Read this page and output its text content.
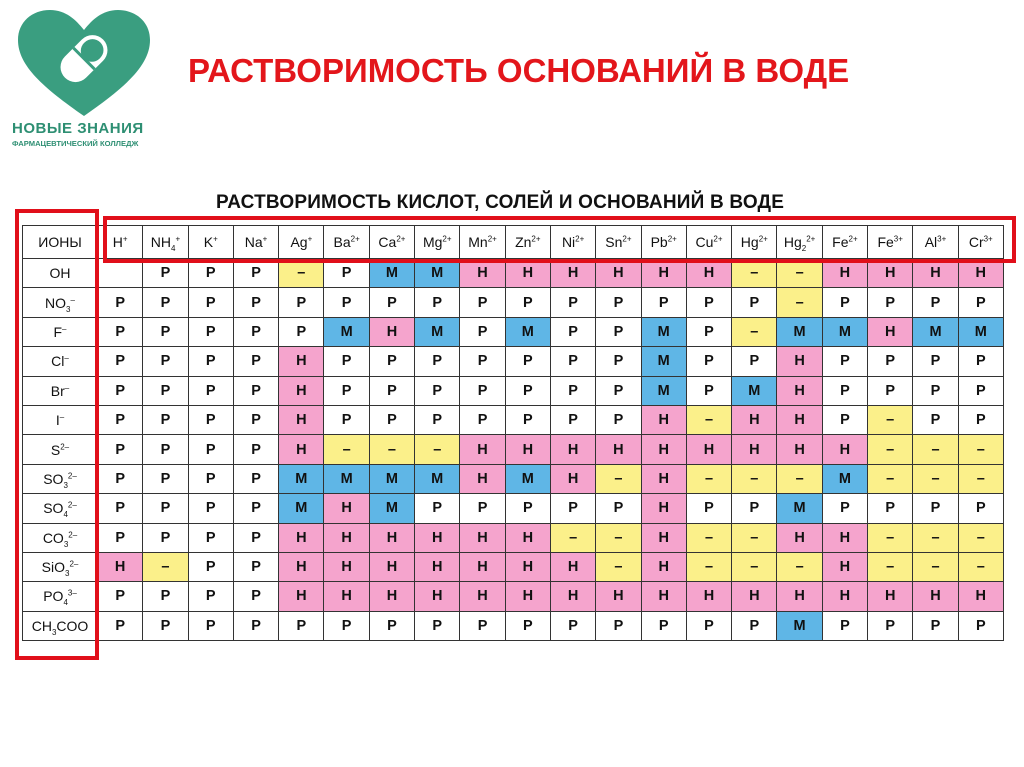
НОВЫЕ ЗНАНИЯ
ФАРМАЦЕВТИЧЕСКИЙ КОЛЛЕДЖ
РАСТВОРИМОСТЬ ОСНОВАНИЙ В ВОДЕ
РАСТВОРИМОСТЬ КИСЛОТ, СОЛЕЙ И ОСНОВАНИЙ В ВОДЕ
ИОНЫ	H+	$NH_4^+$	K+	Na+	Ag+	$Ba^{2+}$	$Ca^{2+}$	$Mg^{2+}$	$Mn^{2+}$	$Zn^{2+}$	$Ni^{2+}$	$Sn^{2+}$	$Pb^{2+}$	$Cu^{2+}$	$Hg^{2+}$	$Hg_2^{2+}$	$Fe^{2+}$	$Fe^{3+}$	$Al^{3+}$	$Cr^{3+}$
OH		Р	Р	Р	–	Р	М	М	Н	Н	Н	Н	Н	Н	–	–	Н	Н	Н	Н
$NO_3^-$	Р	Р	Р	Р	Р	Р	Р	Р	Р	Р	Р	Р	Р	Р	Р	–	Р	Р	Р	Р
F–	Р	Р	Р	Р	Р	М	Н	М	Р	М	Р	Р	М	Р	–	М	М	Н	М	М
Cl–	Р	Р	Р	Р	Н	Р	Р	Р	Р	Р	Р	Р	М	Р	Р	Н	Р	Р	Р	Р
Br–	Р	Р	Р	Р	Н	Р	Р	Р	Р	Р	Р	Р	М	Р	М	Н	Р	Р	Р	Р
I–	Р	Р	Р	Р	Н	Р	Р	Р	Р	Р	Р	Р	Н	–	Н	Н	Р	–	Р	Р
$S^{2-}$	Р	Р	Р	Р	Н	–	–	–	Н	Н	Н	Н	Н	Н	Н	Н	Н	–	–	–
$SO_3^{2-}$	Р	Р	Р	Р	М	М	М	М	Н	М	Н	–	Н	–	–	–	М	–	–	–
$SO_4^{2-}$	Р	Р	Р	Р	М	Н	М	Р	Р	Р	Р	Р	Н	Р	Р	М	Р	Р	Р	Р
$CO_3^{2-}$	Р	Р	Р	Р	Н	Н	Н	Н	Н	Н	–	–	Н	–	–	Н	Н	–	–	–
SiO$_3^{2-}$	Н	–	Р	Р	Н	Н	Н	Н	Н	Н	Н	–	Н	–	–	–	Н	–	–	–
$PO_4^{3-}$	Р	Р	Р	Р	Н	Н	Н	Н	Н	Н	Н	Н	Н	Н	Н	Н	Н	Н	Н	Н
$CH_3COO$	Р	Р	Р	Р	Р	Р	Р	Р	Р	Р	Р	Р	Р	Р	Р	М	Р	Р	Р	Р
